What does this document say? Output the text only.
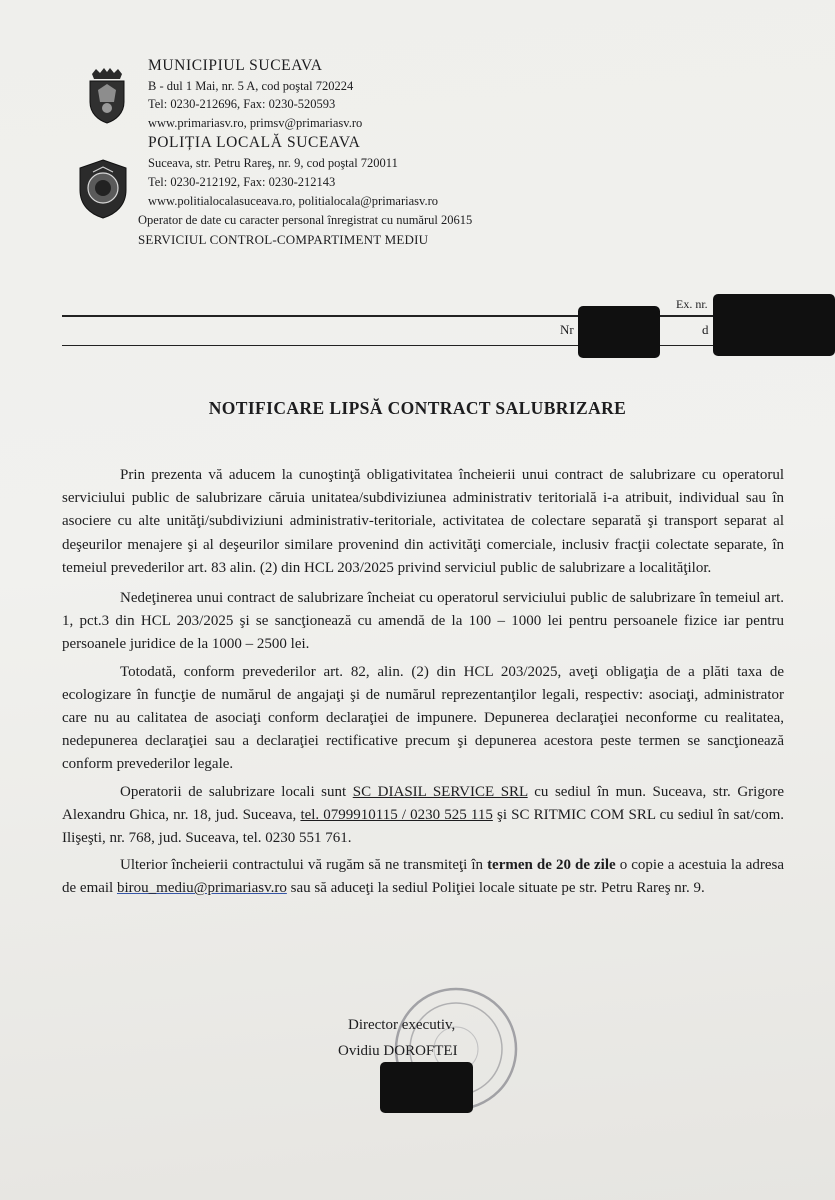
MUNICIPIUL SUCEAVA
B - dul 1 Mai, nr. 5 A, cod poştal 720224
Tel: 0230-212696, Fax: 0230-520593
www.primariasv.ro, primsv@primariasv.ro
POLIȚIA LOCALĂ SUCEAVA
Suceava, str. Petru Rareş, nr. 9, cod poştal 720011
Tel: 0230-212192, Fax: 0230-212143
www.politialocalasuceava.ro, politialocala@primariasv.ro
Operator de date cu caracter personal înregistrat cu numărul 20615
SERVICIUL CONTROL-COMPARTIMENT MEDIU
Ex. nr.
Nr	d
NOTIFICARE LIPSĂ CONTRACT SALUBRIZARE

Prin prezenta vă aducem la cunoştinţă obligativitatea încheierii unui contract de salubrizare cu operatorul serviciului public de salubrizare căruia unitatea/subdiviziunea administrativ teritorială i-a atribuit, individual sau în asociere cu alte unităţi/subdiviziuni administrativ-teritoriale, activitatea de colectare separată şi transport separat al deşeurilor menajere şi al deşeurilor similare provenind din activităţi comerciale, inclusiv fracţii colectate separate, în temeiul prevederilor art. 83 alin. (2) din HCL 203/2025 privind serviciul public de salubrizare a localităţilor.

Nedeţinerea unui contract de salubrizare încheiat cu operatorul serviciului public de salubrizare în temeiul art. 1, pct.3 din HCL 203/2025 şi se sancţionează cu amendă de la 100 – 1000 lei pentru persoanele fizice iar pentru persoanele juridice de la 1000 – 2500 lei.

Totodată, conform prevederilor art. 82, alin. (2) din HCL 203/2025, aveţi obligaţia de a plăti taxa de ecologizare în funcţie de numărul de angajaţi şi de numărul reprezentanţilor legali, respectiv: asociaţi, administrator care nu au calitatea de asociaţi conform declaraţiei de impunere. Depunerea declaraţiei neconforme cu realitatea, nedepunerea declaraţiei sau a declaraţiei rectificative precum şi depunerea acestora peste termen se sancţionează conform prevederilor legale.

Operatorii de salubrizare locali sunt SC DIASIL SERVICE SRL cu sediul în mun. Suceava, str. Grigore Alexandru Ghica, nr. 18, jud. Suceava, tel. 0799910115 / 0230 525 115 şi SC RITMIC COM SRL cu sediul în sat/com. Ilişeşti, nr. 768, jud. Suceava, tel. 0230 551 761.

Ulterior încheierii contractului vă rugăm să ne transmiteţi în termen de 20 de zile o copie a acestuia la adresa de email birou_mediu@primariasv.ro sau să aduceţi la sediul Poliţiei locale situate pe str. Petru Rareş nr. 9.

Director executiv,
Ovidiu DOROFTEI
